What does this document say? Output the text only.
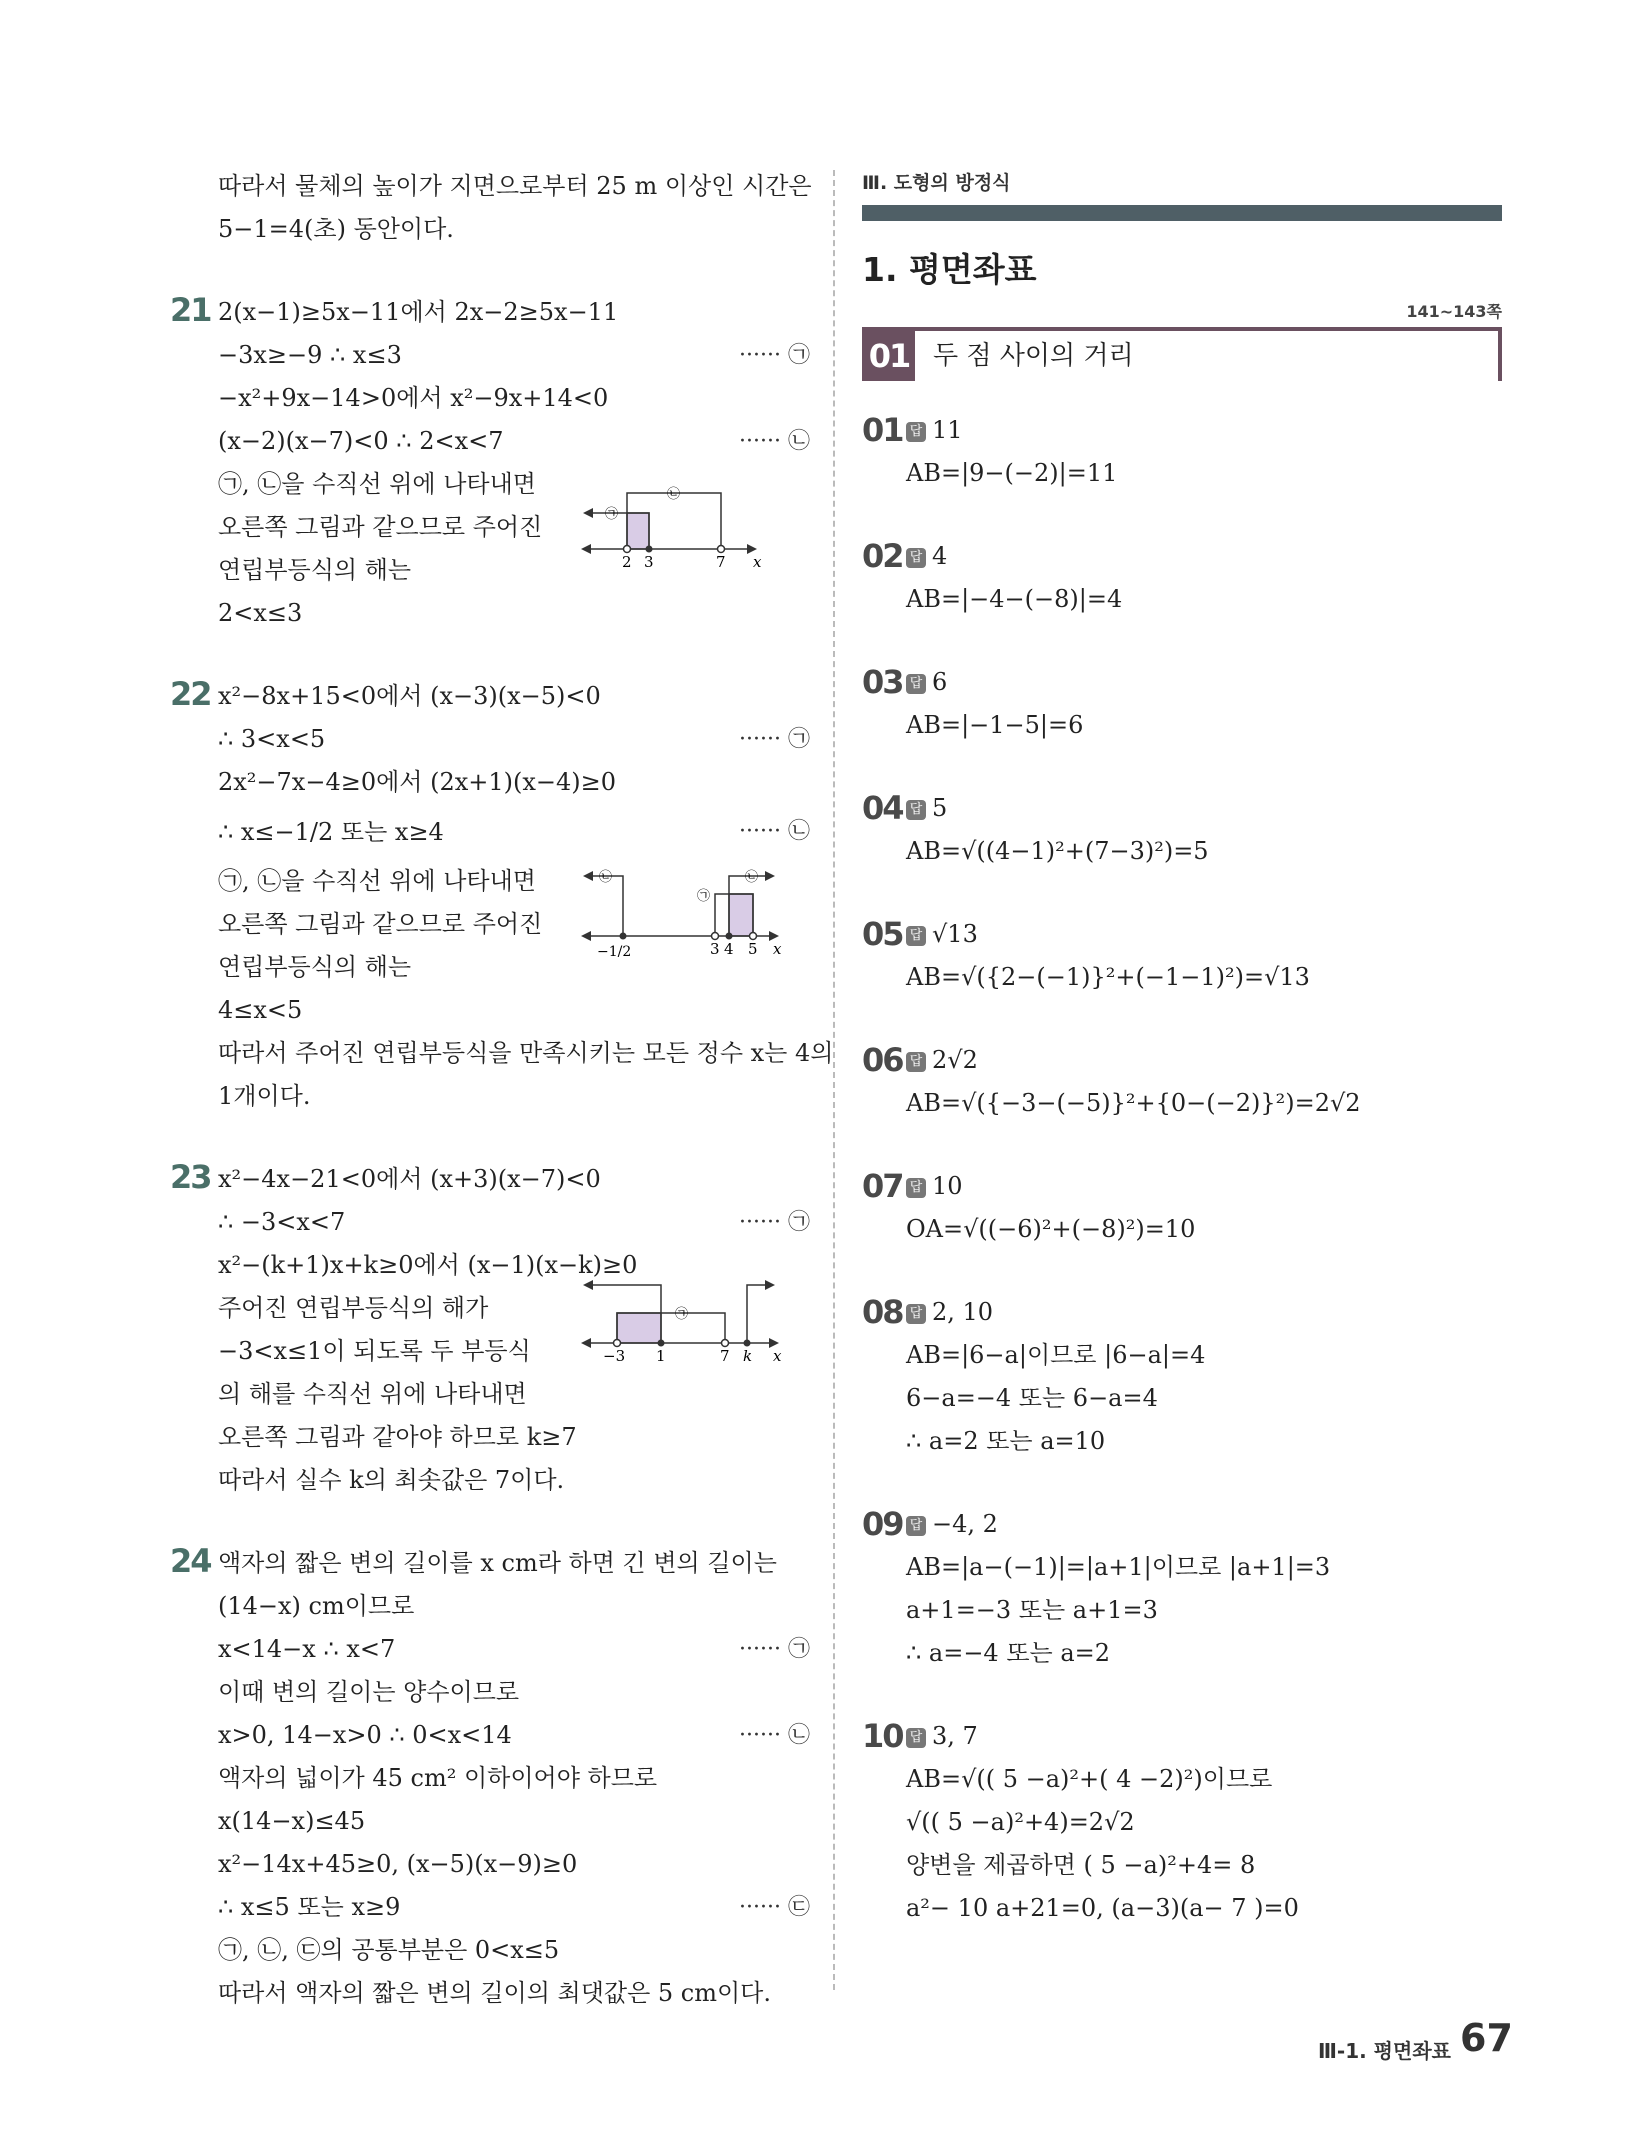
따라서 물체의 높이가 지면으로부터 25 m 이상인 시간은
5−1=4(초) 동안이다.
21 2(x−1)≥5x−11에서 2x−2≥5x−11
−3x≥−9 ∴ x≤3	······ ㉠
−x²+9x−14>0에서 x²−9x+14<0
(x−2)(x−7)<0 ∴ 2<x<7	······ ㉡
㉠, ㉡을 수직선 위에 나타내면
오른쪽 그림과 같으므로 주어진
연립부등식의 해는
2<x≤3
㉠
㉡
2 3	7 x
22 x²−8x+15<0에서 (x−3)(x−5)<0
∴ 3<x<5	······ ㉠
2x²−7x−4≥0에서 (2x+1)(x−4)≥0
∴ x≤−1/2 또는 x≥4	······ ㉡
㉠, ㉡을 수직선 위에 나타내면
오른쪽 그림과 같으므로 주어진
연립부등식의 해는
4≤x<5
따라서 주어진 연립부등식을 만족시키는 모든 정수 x는 4의
1개이다.
㉡
㉠
㉡
−1/2	3 4 5 x
23 x²−4x−21<0에서 (x+3)(x−7)<0
∴ −3<x<7	······ ㉠
x²−(k+1)x+k≥0에서 (x−1)(x−k)≥0
주어진 연립부등식의 해가
−3<x≤1이 되도록 두 부등식
의 해를 수직선 위에 나타내면
오른쪽 그림과 같아야 하므로 k≥7
따라서 실수 k의 최솟값은 7이다.
㉠
−3 1	7 k x
24 액자의 짧은 변의 길이를 x cm라 하면 긴 변의 길이는
(14−x) cm이므로
x<14−x ∴ x<7	······ ㉠
이때 변의 길이는 양수이므로
x>0, 14−x>0 ∴ 0<x<14	······ ㉡
액자의 넓이가 45 cm² 이하이어야 하므로
x(14−x)≤45
x²−14x+45≥0, (x−5)(x−9)≥0
∴ x≤5 또는 x≥9	······ ㉢
㉠, ㉡, ㉢의 공통부분은 0<x≤5
따라서 액자의 짧은 변의 길이의 최댓값은 5 cm이다.
Ⅲ. 도형의 방정식
1. 평면좌표
141~143쪽
01 두 점 사이의 거리
01 답 11
AB=|9−(−2)|=11
02 답 4
AB=|−4−(−8)|=4
03 답 6
AB=|−1−5|=6
04 답 5
AB=√((4−1)²+(7−3)²)=5
05 답 √13
AB=√({2−(−1)}²+(−1−1)²)=√13
06 답 2√2
AB=√({−3−(−5)}²+{0−(−2)}²)=2√2
07 답 10
OA=√((−6)²+(−8)²)=10
08 답 2, 10
AB=|6−a|이므로 |6−a|=4
6−a=−4 또는 6−a=4
∴ a=2 또는 a=10
09 답 −4, 2
AB=|a−(−1)|=|a+1|이므로 |a+1|=3
a+1=−3 또는 a+1=3
∴ a=−4 또는 a=2
10 답 3, 7
AB=√(( 5 −a)²+( 4 −2)²)이므로
√(( 5 −a)²+4)=2√2
양변을 제곱하면 ( 5 −a)²+4= 8
a²− 10 a+21=0, (a−3)(a− 7 )=0
Ⅲ-1. 평면좌표 67
